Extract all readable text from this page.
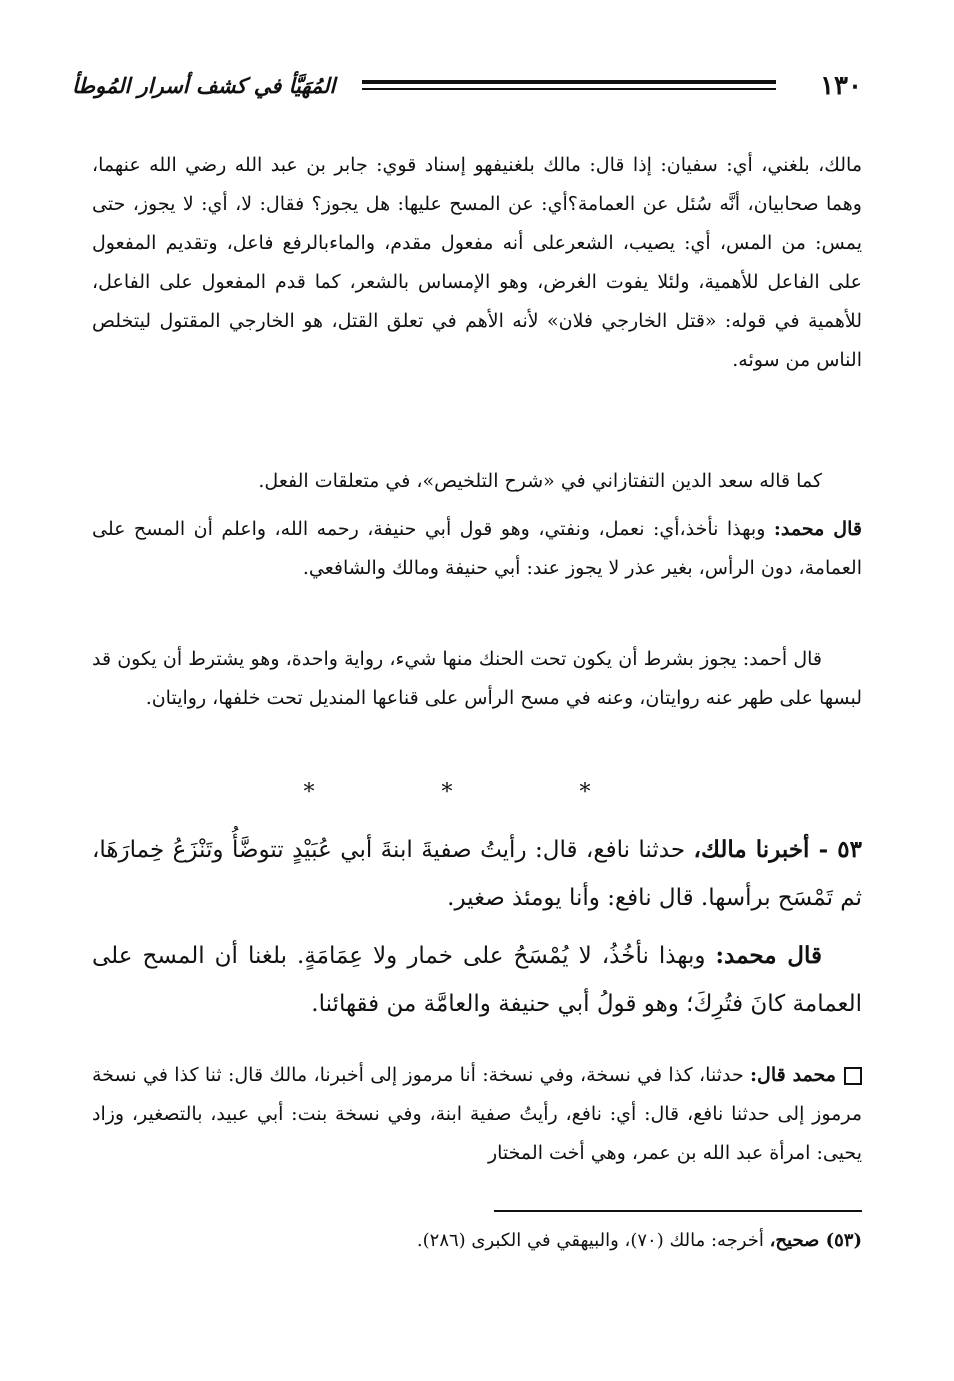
١٣٠
المُهَيَّأ في كشف أسرار المُوطأ

مالك، بلغني، أي: سفيان: إذا قال: مالك بلغنيفهو إسناد قوي: جابر بن عبد الله رضي الله عنهما، وهما صحابيان، أنَّه سُئل عن العمامة؟أي: عن المسح عليها: هل يجوز؟ فقال: لا، أي: لا يجوز، حتى يمس: من المس، أي: يصيب، الشعرعلى أنه مفعول مقدم، والماءبالرفع فاعل، وتقديم المفعول على الفاعل للأهمية، ولئلا يفوت الغرض، وهو الإمساس بالشعر، كما قدم المفعول على الفاعل، للأهمية في قوله: «قتل الخارجي فلان» لأنه الأهم في تعلق القتل، هو الخارجي المقتول ليتخلص الناس من سوئه.

كما قاله سعد الدين التفتازاني في «شرح التلخيص»، في متعلقات الفعل.

قال محمد: وبهذا نأخذ،أي: نعمل، ونفتي، وهو قول أبي حنيفة، رحمه الله، واعلم أن المسح على العمامة، دون الرأس، بغير عذر لا يجوز عند: أبي حنيفة ومالك والشافعي.

قال أحمد: يجوز بشرط أن يكون تحت الحنك منها شيء، رواية واحدة، وهو يشترط أن يكون قد لبسها على طهر عنه روايتان، وعنه في مسح الرأس على قناعها المنديل تحت خلفها، روايتان.

* * *

٥٣ - أخبرنا مالك، حدثنا نافع، قال: رأيتُ صفيةَ ابنةَ أبي عُبَيْدٍ تتوضَّأُ وتَنْزَعُ خِمارَهَا، ثم تَمْسَح برأسها. قال نافع: وأنا يومئذ صغير.

قال محمد: وبهذا نأخُذُ، لا يُمْسَحُ على خمار ولا عِمَامَةٍ. بلغنا أن المسح على العمامة كانَ فتُرِكَ؛ وهو قولُ أبي حنيفة والعامَّة من فقهائنا.

محمد قال: حدثنا، كذا في نسخة، وفي نسخة: أنا مرموز إلى أخبرنا، مالك قال: ثنا كذا في نسخة مرموز إلى حدثنا نافع، قال: أي: نافع، رأيتُ صفية ابنة، وفي نسخة بنت: أبي عبيد، بالتصغير، وزاد يحيى: امرأة عبد الله بن عمر، وهي أخت المختار

(٥٣) صحيح، أخرجه: مالك (٧٠)، والبيهقي في الكبرى (٢٨٦).
